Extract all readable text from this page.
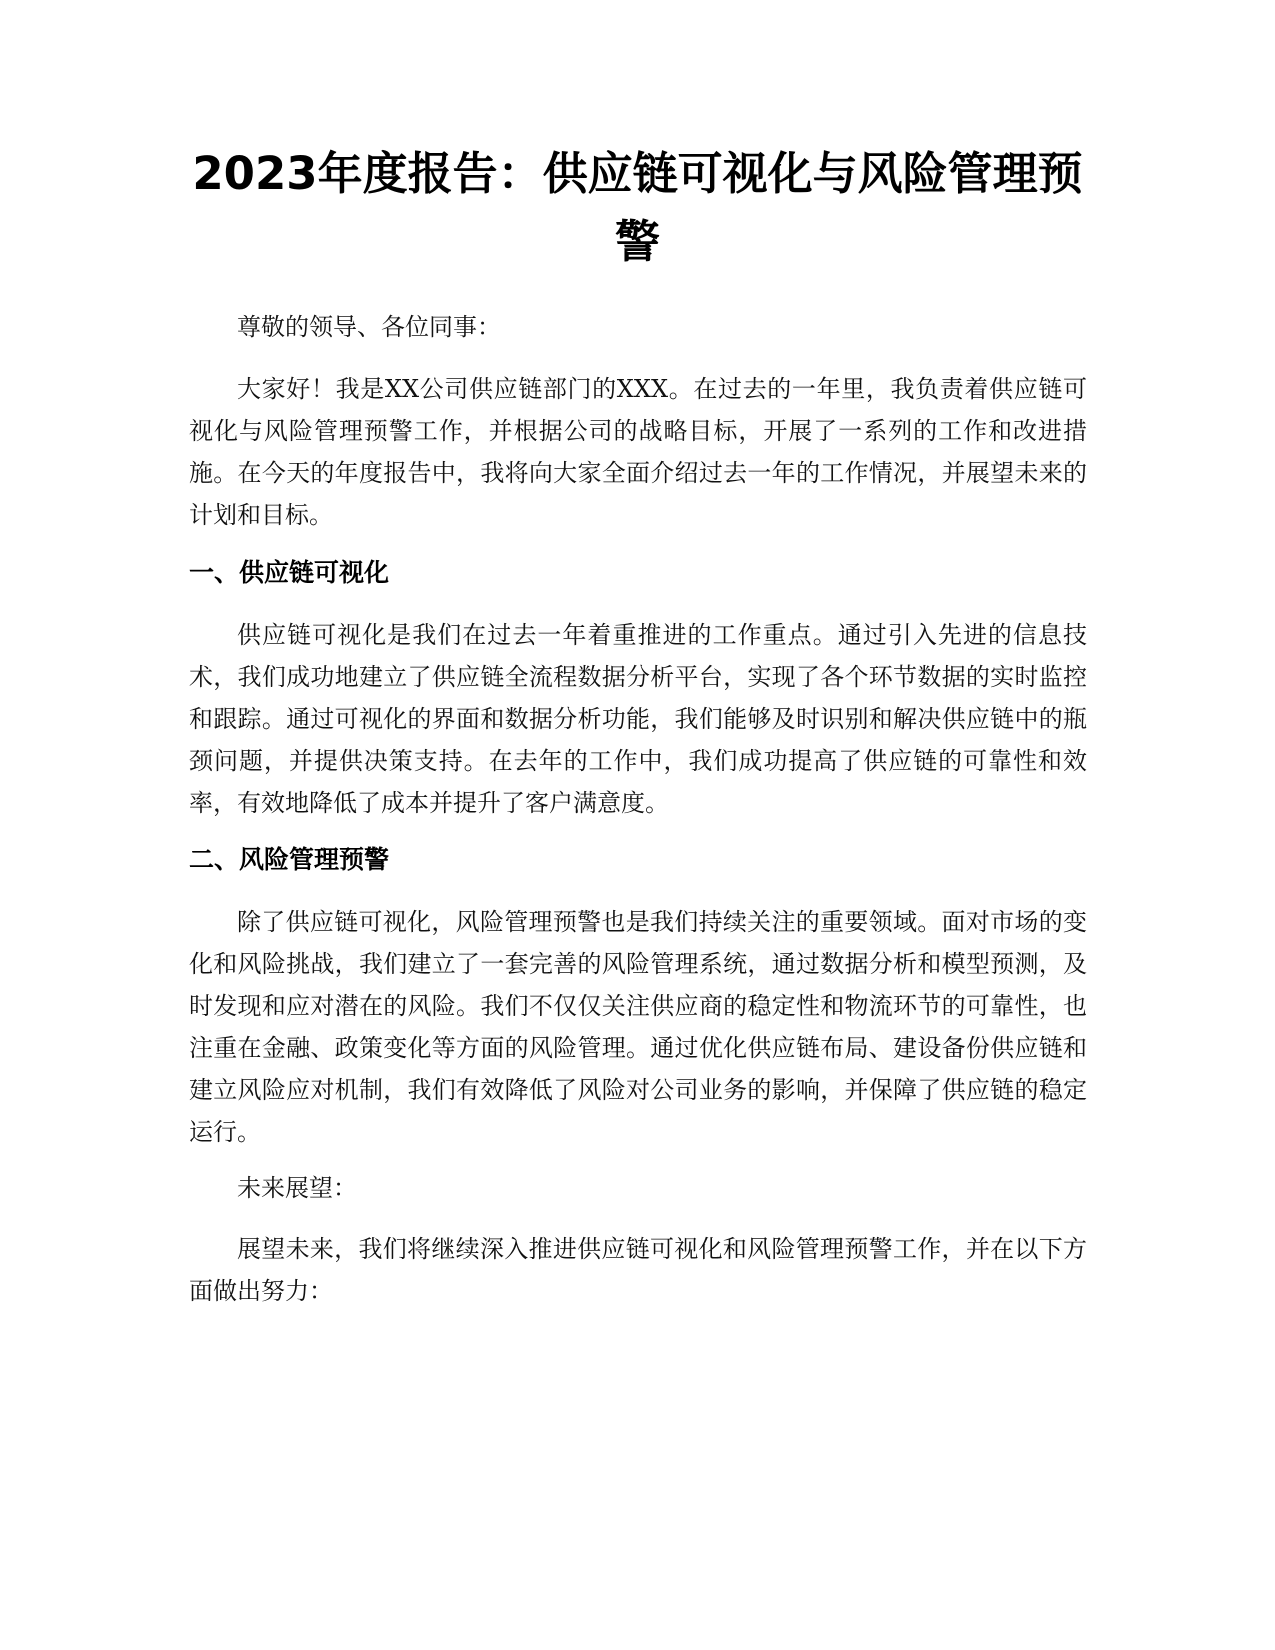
2023年度报告：供应链可视化与风险管理预警
尊敬的领导、各位同事：
大家好！我是XX公司供应链部门的XXX。在过去的一年里，我负责着供应链可视化与风险管理预警工作，并根据公司的战略目标，开展了一系列的工作和改进措施。在今天的年度报告中，我将向大家全面介绍过去一年的工作情况，并展望未来的计划和目标。
一、供应链可视化
供应链可视化是我们在过去一年着重推进的工作重点。通过引入先进的信息技术，我们成功地建立了供应链全流程数据分析平台，实现了各个环节数据的实时监控和跟踪。通过可视化的界面和数据分析功能，我们能够及时识别和解决供应链中的瓶颈问题，并提供决策支持。在去年的工作中，我们成功提高了供应链的可靠性和效率，有效地降低了成本并提升了客户满意度。
二、风险管理预警
除了供应链可视化，风险管理预警也是我们持续关注的重要领域。面对市场的变化和风险挑战，我们建立了一套完善的风险管理系统，通过数据分析和模型预测，及时发现和应对潜在的风险。我们不仅仅关注供应商的稳定性和物流环节的可靠性，也注重在金融、政策变化等方面的风险管理。通过优化供应链布局、建设备份供应链和建立风险应对机制，我们有效降低了风险对公司业务的影响，并保障了供应链的稳定运行。
未来展望：
展望未来，我们将继续深入推进供应链可视化和风险管理预警工作，并在以下方面做出努力：
